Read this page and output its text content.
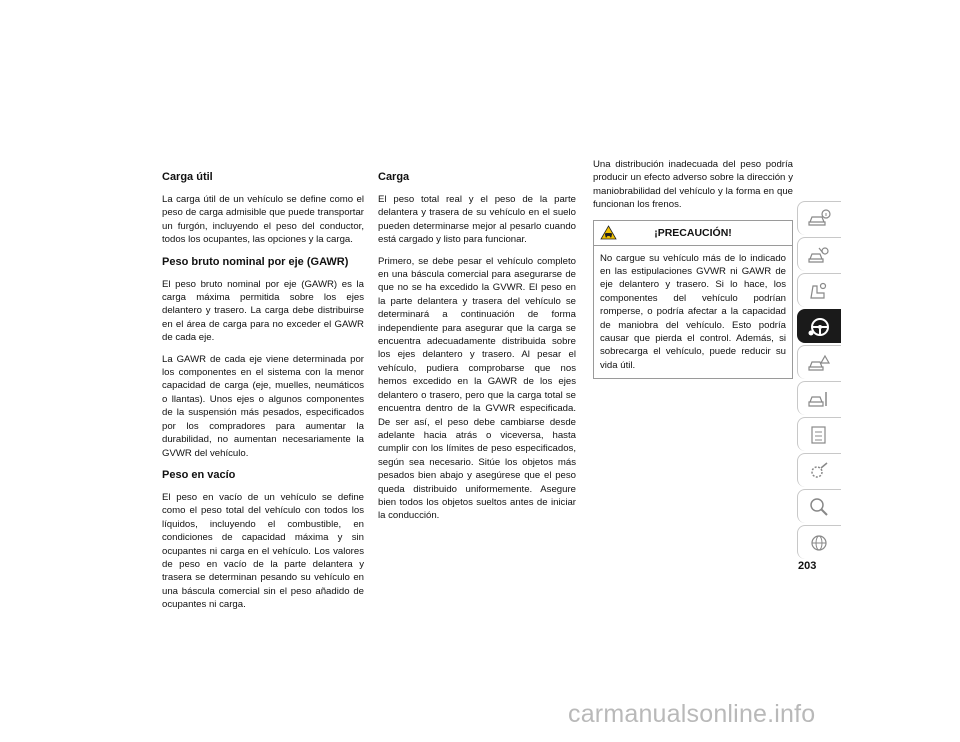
Carga útil

La carga útil de un vehículo se define como el peso de carga admisible que puede transportar un furgón, incluyendo el peso del conductor, todos los ocupantes, las opciones y la carga.

Peso bruto nominal por eje (GAWR)

El peso bruto nominal por eje (GAWR) es la carga máxima permitida sobre los ejes delantero y trasero. La carga debe distribuirse en el área de carga para no exceder el GAWR de cada eje.

La GAWR de cada eje viene determinada por los componentes en el sistema con la menor capacidad de carga (eje, muelles, neumáticos o llantas). Unos ejes o algunos componentes de la suspensión más pesados, especificados por los compradores para aumentar la durabilidad, no aumentan necesariamente la GVWR del vehículo.

Peso en vacío

El peso en vacío de un vehículo se define como el peso total del vehículo con todos los líquidos, incluyendo el combustible, en condiciones de capacidad máxima y sin ocupantes ni carga en el vehículo. Los valores de peso en vacío de la parte delantera y trasera se determinan pesando su vehículo en una báscula comercial sin el peso añadido de ocupantes ni carga.

Carga

El peso total real y el peso de la parte delantera y trasera de su vehículo en el suelo pueden determinarse mejor al pesarlo cuando está cargado y listo para funcionar.

Primero, se debe pesar el vehículo completo en una báscula comercial para asegurarse de que no se ha excedido la GVWR. El peso en la parte delantera y trasera del vehículo se determinará a continuación de forma independiente para asegurar que la carga se encuentra adecuadamente distribuida sobre los ejes delantero y trasero. Al pesar el vehículo, pudiera comprobarse que nos hemos excedido en la GAWR de los ejes delantero o trasero, pero que la carga total se encuentra dentro de la GVWR especificada. De ser así, el peso debe cambiarse desde adelante hacia atrás o viceversa, hasta cumplir con los límites de peso especificados, según sea necesario. Sitúe los objetos más pesados bien abajo y asegúrese que el peso queda distribuido uniformemente. Asegure bien todos los objetos sueltos antes de iniciar la conducción.

Una distribución inadecuada del peso podría producir un efecto adverso sobre la dirección y maniobrabilidad del vehículo y la forma en que funcionan los frenos.

¡PRECAUCIÓN!

No cargue su vehículo más de lo indicado en las estipulaciones GVWR ni GAWR de eje delantero y trasero. Si lo hace, los componentes del vehículo podrían romperse, o podría afectar a la capacidad de maniobra del vehículo. Esto podría causar que pierda el control. Además, si sobrecarga el vehículo, puede reducir su vida útil.

203
carmanualsonline.info
